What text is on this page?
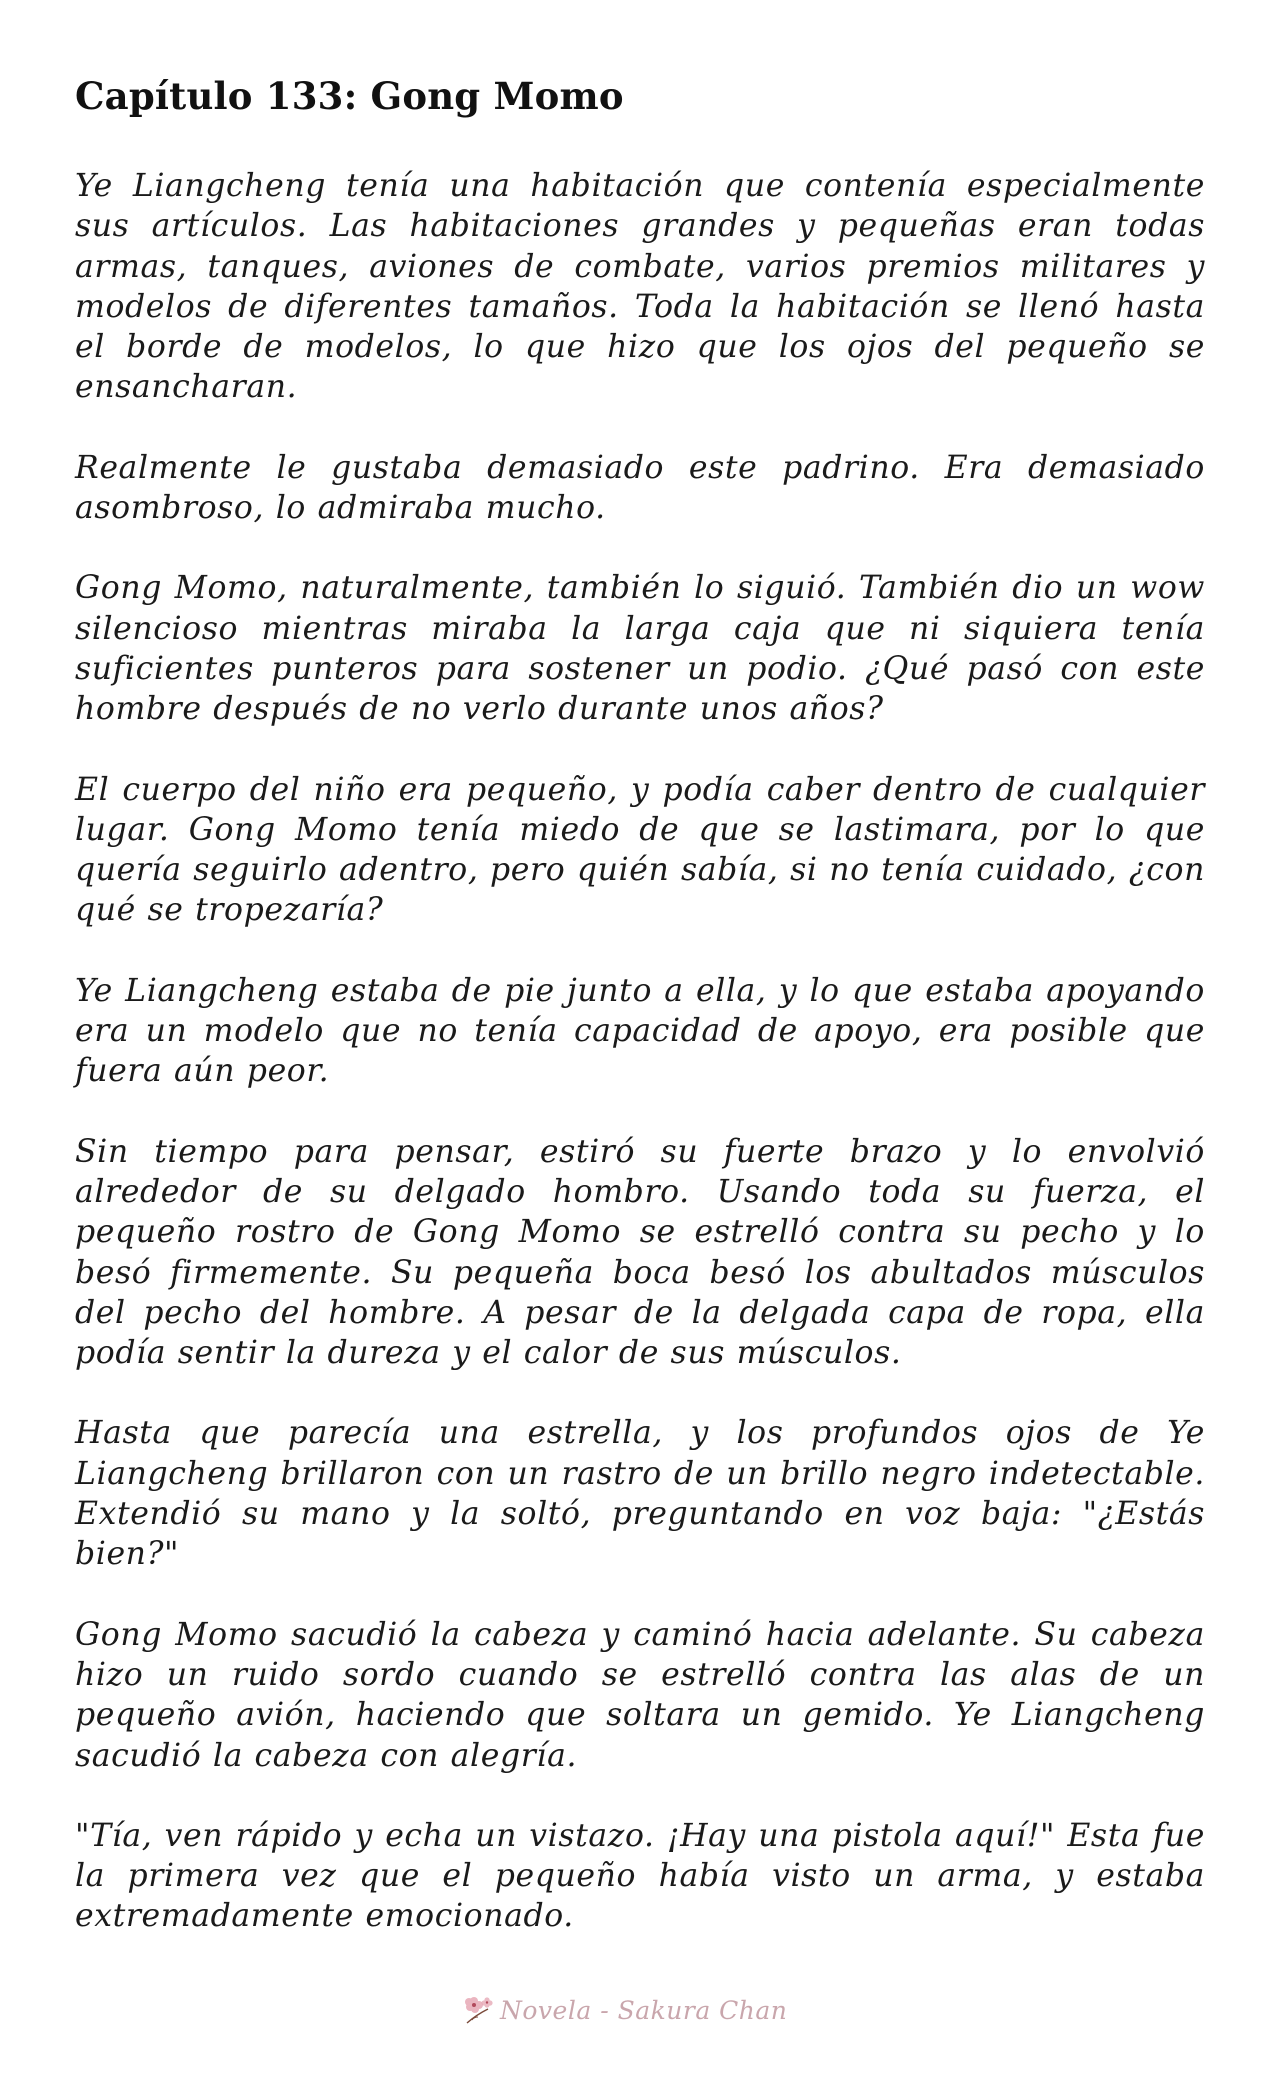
Capítulo 133: Gong Momo

Ye Liangcheng tenía una habitación que contenía especialmente sus artículos. Las habitaciones grandes y pequeñas eran todas armas, tanques, aviones de combate, varios premios militares y modelos de diferentes tamaños. Toda la habitación se llenó hasta el borde de modelos, lo que hizo que los ojos del pequeño se ensancharan.

Realmente le gustaba demasiado este padrino. Era demasiado asombroso, lo admiraba mucho.

Gong Momo, naturalmente, también lo siguió. También dio un wow silencioso mientras miraba la larga caja que ni siquiera tenía suficientes punteros para sostener un podio. ¿Qué pasó con este hombre después de no verlo durante unos años?

El cuerpo del niño era pequeño, y podía caber dentro de cualquier lugar. Gong Momo tenía miedo de que se lastimara, por lo que quería seguirlo adentro, pero quién sabía, si no tenía cuidado, ¿con qué se tropezaría?

Ye Liangcheng estaba de pie junto a ella, y lo que estaba apoyando era un modelo que no tenía capacidad de apoyo, era posible que fuera aún peor.

Sin tiempo para pensar, estiró su fuerte brazo y lo envolvió alrededor de su delgado hombro. Usando toda su fuerza, el pequeño rostro de Gong Momo se estrelló contra su pecho y lo besó firmemente. Su pequeña boca besó los abultados músculos del pecho del hombre. A pesar de la delgada capa de ropa, ella podía sentir la dureza y el calor de sus músculos.

Hasta que parecía una estrella, y los profundos ojos de Ye Liangcheng brillaron con un rastro de un brillo negro indetectable. Extendió su mano y la soltó, preguntando en voz baja: "¿Estás bien?"

Gong Momo sacudió la cabeza y caminó hacia adelante. Su cabeza hizo un ruido sordo cuando se estrelló contra las alas de un pequeño avión, haciendo que soltara un gemido. Ye Liangcheng sacudió la cabeza con alegría.

"Tía, ven rápido y echa un vistazo. ¡Hay una pistola aquí!" Esta fue la primera vez que el pequeño había visto un arma, y estaba extremadamente emocionado.

Novela - Sakura Chan
